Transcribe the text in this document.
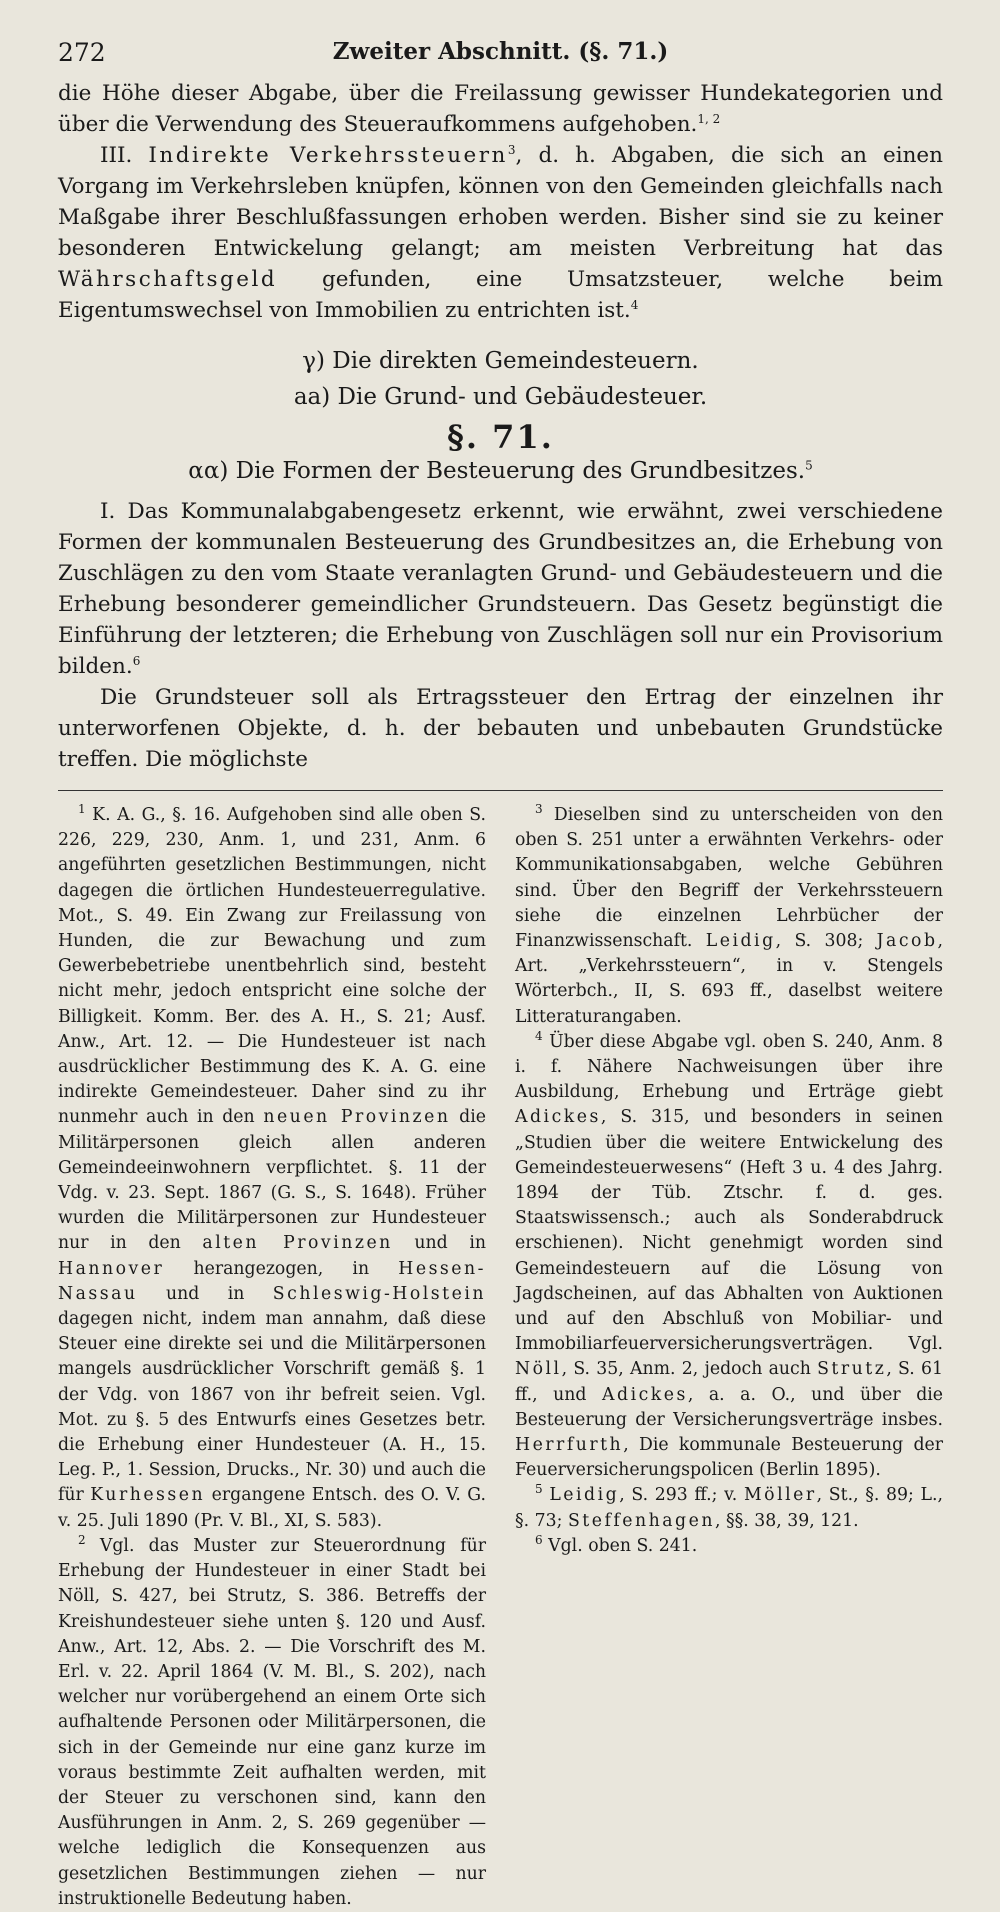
272	Zweiter Abschnitt. (§. 71.)

die Höhe dieser Abgabe, über die Freilassung gewisser Hundekategorien und über die Verwendung des Steueraufkommens aufgehoben.$^{1, 2}$

III. Indirekte Verkehrssteuern$^3$, d. h. Abgaben, die sich an einen Vorgang im Verkehrsleben knüpfen, können von den Gemeinden gleichfalls nach Maßgabe ihrer Beschlußfassungen erhoben werden. Bisher sind sie zu keiner besonderen Entwickelung gelangt; am meisten Verbreitung hat das Währschaftsgeld gefunden, eine Umsatzsteuer, welche beim Eigentumswechsel von Immobilien zu entrichten ist.$^4$

γ) Die direkten Gemeindesteuern.
aa) Die Grund- und Gebäudesteuer.
§. 71.
αα) Die Formen der Besteuerung des Grundbesitzes.$^5$

I. Das Kommunalabgabengesetz erkennt, wie erwähnt, zwei verschiedene Formen der kommunalen Besteuerung des Grundbesitzes an, die Erhebung von Zuschlägen zu den vom Staate veranlagten Grund- und Gebäudesteuern und die Erhebung besonderer gemeindlicher Grundsteuern. Das Gesetz begünstigt die Einführung der letzteren; die Erhebung von Zuschlägen soll nur ein Provisorium bilden.$^6$

Die Grundsteuer soll als Ertragssteuer den Ertrag der einzelnen ihr unterworfenen Objekte, d. h. der bebauten und unbebauten Grundstücke treffen. Die möglichste

$^1$ K. A. G., §. 16. Aufgehoben sind alle oben S. 226, 229, 230, Anm. 1, und 231, Anm. 6 angeführten gesetzlichen Bestimmungen, nicht dagegen die örtlichen Hundesteuerregulative. Mot., S. 49. Ein Zwang zur Freilassung von Hunden, die zur Bewachung und zum Gewerbebetriebe unentbehrlich sind, besteht nicht mehr, jedoch entspricht eine solche der Billigkeit. Komm. Ber. des A. H., S. 21; Ausf. Anw., Art. 12. — Die Hundesteuer ist nach ausdrücklicher Bestimmung des K. A. G. eine indirekte Gemeindesteuer. Daher sind zu ihr nunmehr auch in den neuen Provinzen die Militärpersonen gleich allen anderen Gemeindeeinwohnern verpflichtet. §. 11 der Vdg. v. 23. Sept. 1867 (G. S., S. 1648). Früher wurden die Militärpersonen zur Hundesteuer nur in den alten Provinzen und in Hannover herangezogen, in Hessen-Nassau und in Schleswig-Holstein dagegen nicht, indem man annahm, daß diese Steuer eine direkte sei und die Militärpersonen mangels ausdrücklicher Vorschrift gemäß §. 1 der Vdg. von 1867 von ihr befreit seien. Vgl. Mot. zu §. 5 des Entwurfs eines Gesetzes betr. die Erhebung einer Hundesteuer (A. H., 15. Leg. P., 1. Session, Drucks., Nr. 30) und auch die für Kurhessen ergangene Entsch. des O. V. G. v. 25. Juli 1890 (Pr. V. Bl., XI, S. 583).

$^2$ Vgl. das Muster zur Steuerordnung für Erhebung der Hundesteuer in einer Stadt bei Nöll, S. 427, bei Strutz, S. 386. Betreffs der Kreishundesteuer siehe unten §. 120 und Ausf. Anw., Art. 12, Abs. 2. — Die Vorschrift des M. Erl. v. 22. April 1864 (V. M. Bl., S. 202), nach welcher nur vorübergehend an einem Orte sich aufhaltende Personen oder Militärpersonen, die sich in der Gemeinde nur eine ganz kurze im voraus bestimmte Zeit aufhalten werden, mit der Steuer zu verschonen sind, kann den Ausführungen in Anm. 2, S. 269 gegenüber — welche lediglich die Konsequenzen aus gesetzlichen Bestimmungen ziehen — nur instruktionelle Bedeutung haben.

$^3$ Dieselben sind zu unterscheiden von den oben S. 251 unter a erwähnten Verkehrs- oder Kommunikationsabgaben, welche Gebühren sind. Über den Begriff der Verkehrssteuern siehe die einzelnen Lehrbücher der Finanzwissenschaft. Leidig, S. 308; Jacob, Art. „Verkehrssteuern“, in v. Stengels Wörterbch., II, S. 693 ff., daselbst weitere Litteraturangaben.

$^4$ Über diese Abgabe vgl. oben S. 240, Anm. 8 i. f. Nähere Nachweisungen über ihre Ausbildung, Erhebung und Erträge giebt Adickes, S. 315, und besonders in seinen „Studien über die weitere Entwickelung des Gemeindesteuerwesens“ (Heft 3 u. 4 des Jahrg. 1894 der Tüb. Ztschr. f. d. ges. Staatswissensch.; auch als Sonderabdruck erschienen). Nicht genehmigt worden sind Gemeindesteuern auf die Lösung von Jagdscheinen, auf das Abhalten von Auktionen und auf den Abschluß von Mobiliar- und Immobiliarfeuerversicherungsverträgen. Vgl. Nöll, S. 35, Anm. 2, jedoch auch Strutz, S. 61 ff., und Adickes, a. a. O., und über die Besteuerung der Versicherungsverträge insbes. Herrfurth, Die kommunale Besteuerung der Feuerversicherungspolicen (Berlin 1895).

$^5$ Leidig, S. 293 ff.; v. Möller, St., §. 89; L., §. 73; Steffenhagen, §§. 38, 39, 121.

$^6$ Vgl. oben S. 241.
